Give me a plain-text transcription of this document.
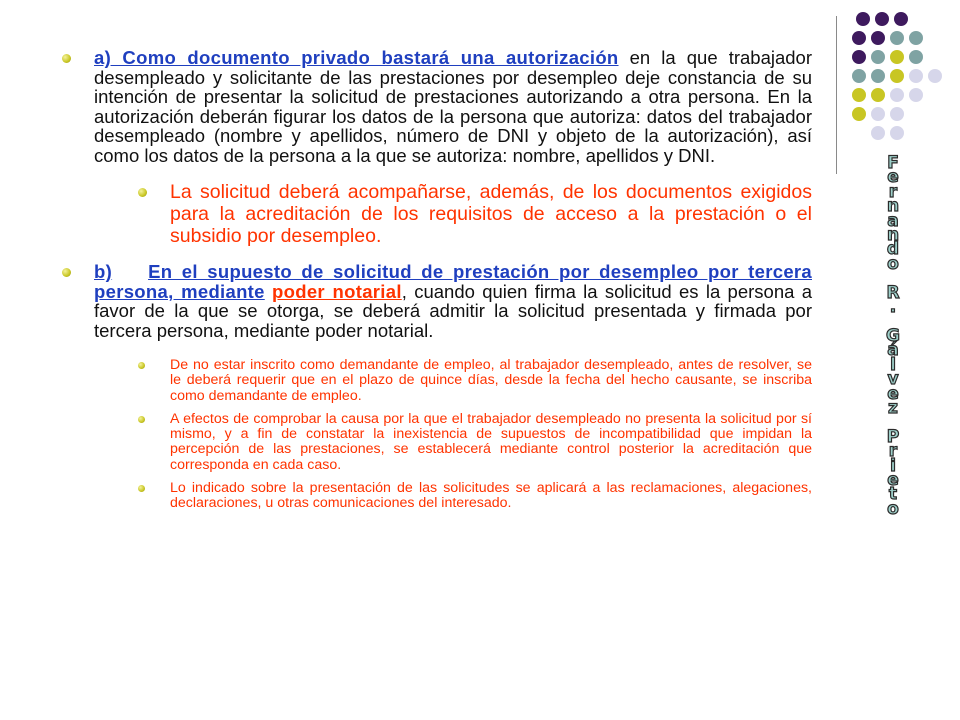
F
e
r
n
a
n
d
o

R
.

G
á
l
v
e
z

P
r
i
e
t
o
a) Como documento privado bastará una autorización en la que trabajador desempleado y solicitante de las prestaciones por desempleo deje constancia de su intención de presentar la solicitud de prestaciones autorizando a otra persona. En la autorización deberán figurar los datos de la persona que autoriza: datos del trabajador desempleado (nombre y apellidos, número de DNI y objeto de la autorización), así como los datos de la persona a la que se autoriza: nombre, apellidos y DNI.
La solicitud deberá acompañarse, además, de los documentos exigidos para la acreditación de los requisitos de acceso a la prestación o el subsidio por desempleo.
b) En el supuesto de solicitud de prestación por desempleo por tercera persona, mediante poder notarial, cuando quien firma la solicitud es la persona a favor de la que se otorga, se deberá admitir la solicitud presentada y firmada por tercera persona, mediante poder notarial.
De no estar inscrito como demandante de empleo, al trabajador desempleado, antes de resolver, se le deberá requerir que en el plazo de quince días, desde la fecha del hecho causante, se inscriba como demandante de empleo.
A efectos de comprobar la causa por la que el trabajador desempleado no presenta la solicitud por sí mismo, y a fin de constatar la inexistencia de supuestos de incompatibilidad que impidan la percepción de las prestaciones, se establecerá mediante control posterior la acreditación que corresponda en cada caso.
Lo indicado sobre la presentación de las solicitudes se aplicará a las reclamaciones, alegaciones, declaraciones, u otras comunicaciones del interesado.
